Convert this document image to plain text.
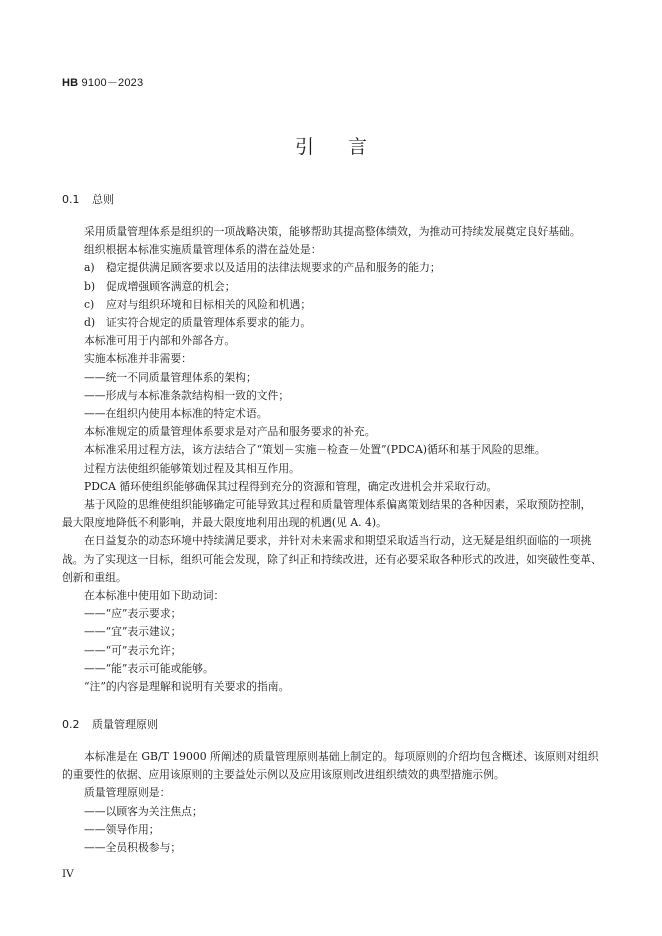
HB 9100－2023
引言
0.1 总则

采用质量管理体系是组织的一项战略决策，能够帮助其提高整体绩效，为推动可持续发展奠定良好基础。

组织根据本标准实施质量管理体系的潜在益处是：

a) 稳定提供满足顾客要求以及适用的法律法规要求的产品和服务的能力；

b) 促成增强顾客满意的机会；

c) 应对与组织环境和目标相关的风险和机遇；

d) 证实符合规定的质量管理体系要求的能力。

本标准可用于内部和外部各方。

实施本标准并非需要：

——统一不同质量管理体系的架构；

——形成与本标准条款结构相一致的文件；

——在组织内使用本标准的特定术语。

本标准规定的质量管理体系要求是对产品和服务要求的补充。

本标准采用过程方法，该方法结合了“策划－实施－检查－处置”(PDCA)循环和基于风险的思维。

过程方法使组织能够策划过程及其相互作用。

PDCA 循环使组织能够确保其过程得到充分的资源和管理，确定改进机会并采取行动。

基于风险的思维使组织能够确定可能导致其过程和质量管理体系偏离策划结果的各种因素，采取预防控制，最大限度地降低不利影响，并最大限度地利用出现的机遇(见 A. 4)。

在日益复杂的动态环境中持续满足要求，并针对未来需求和期望采取适当行动，这无疑是组织面临的一项挑战。为了实现这一目标，组织可能会发现，除了纠正和持续改进，还有必要采取各种形式的改进，如突破性变革、创新和重组。

在本标准中使用如下助动词：

——“应”表示要求；

——“宜”表示建议；

——“可”表示允许；

——“能”表示可能或能够。

“注”的内容是理解和说明有关要求的指南。

0.2 质量管理原则

本标准是在 GB/T 19000 所阐述的质量管理原则基础上制定的。每项原则的介绍均包含概述、该原则对组织的重要性的依据、应用该原则的主要益处示例以及应用该原则改进组织绩效的典型措施示例。

质量管理原则是：

——以顾客为关注焦点；

——领导作用；

——全员积极参与；

IV
